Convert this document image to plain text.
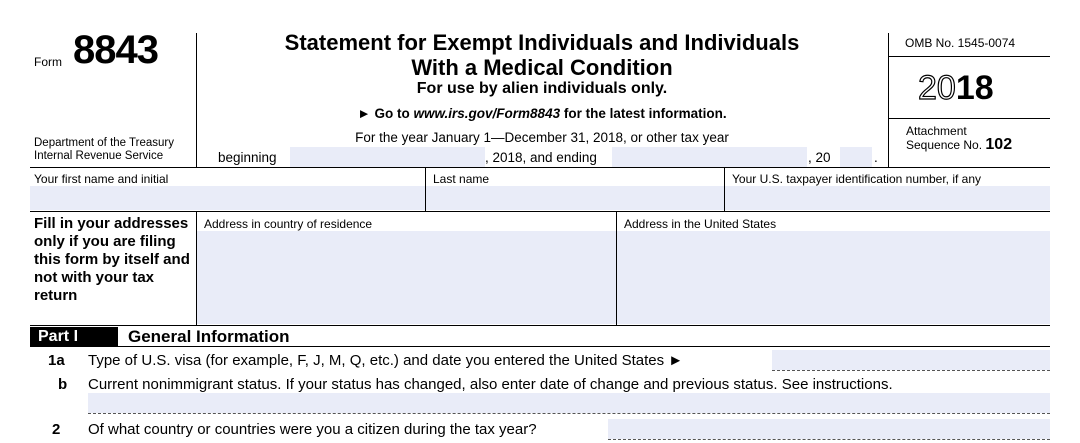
Form 8843
Department of the Treasury
Internal Revenue Service
Statement for Exempt Individuals and Individuals
With a Medical Condition
For use by alien individuals only.
► Go to www.irs.gov/Form8843 for the latest information.
For the year January 1—December 31, 2018, or other tax year
beginning	, 2018, and ending	, 20	.
OMB No. 1545-0074
2018
Attachment
Sequence No. 102
Your first name and initial	Last name	Your U.S. taxpayer identification number, if any
Fill in your addresses only if you are filing this form by itself and not with your tax return
Address in country of residence	Address in the United States
Part I	General Information
1a Type of U.S. visa (for example, F, J, M, Q, etc.) and date you entered the United States ►
b Current nonimmigrant status. If your status has changed, also enter date of change and previous status. See instructions.
2 Of what country or countries were you a citizen during the tax year?
